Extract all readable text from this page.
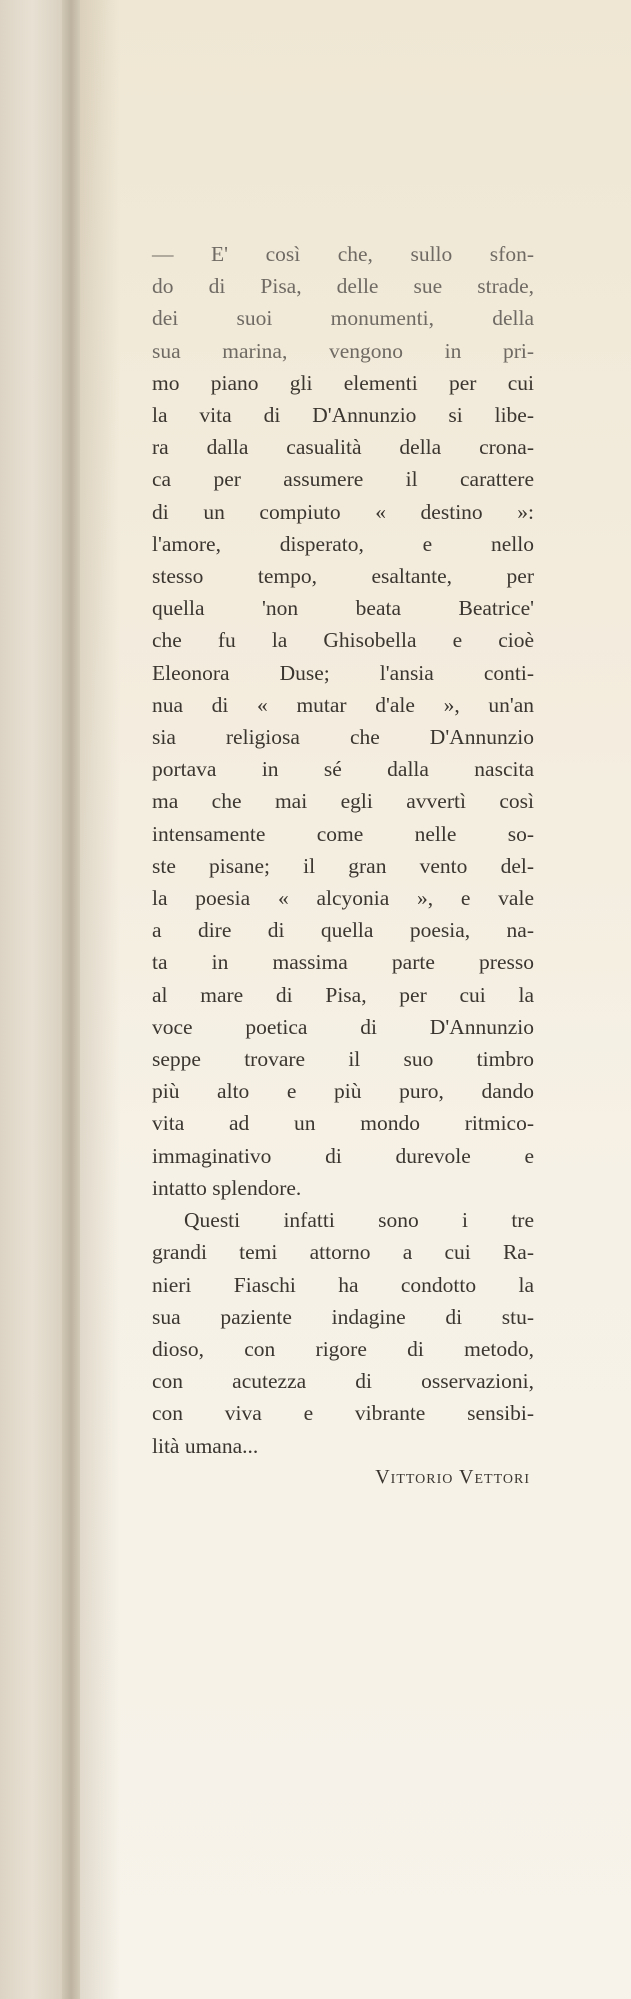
— E' così che, sullo sfon-
do di Pisa, delle sue strade,
dei suoi monumenti, della
sua marina, vengono in pri-
mo piano gli elementi per cui
la vita di D'Annunzio si libe-
ra dalla casualità della crona-
ca per assumere il carattere
di un compiuto « destino »:
l'amore, disperato, e nello
stesso tempo, esaltante, per
quella 'non beata Beatrice'
che fu la Ghisobella e cioè
Eleonora Duse; l'ansia conti-
nua di « mutar d'ale », un'an
sia religiosa che D'Annunzio
portava in sé dalla nascita
ma che mai egli avvertì così
intensamente come nelle so-
ste pisane; il gran vento del-
la poesia « alcyonia », e vale
a dire di quella poesia, na-
ta in massima parte presso
al mare di Pisa, per cui la
voce poetica di D'Annunzio
seppe trovare il suo timbro
più alto e più puro, dando
vita ad un mondo ritmico-
immaginativo di durevole e
intatto splendore.

Questi infatti sono i tre
grandi temi attorno a cui Ra-
nieri Fiaschi ha condotto la
sua paziente indagine di stu-
dioso, con rigore di metodo,
con acutezza di osservazioni,
con viva e vibrante sensibi-
lità umana...

Vittorio Vettori
